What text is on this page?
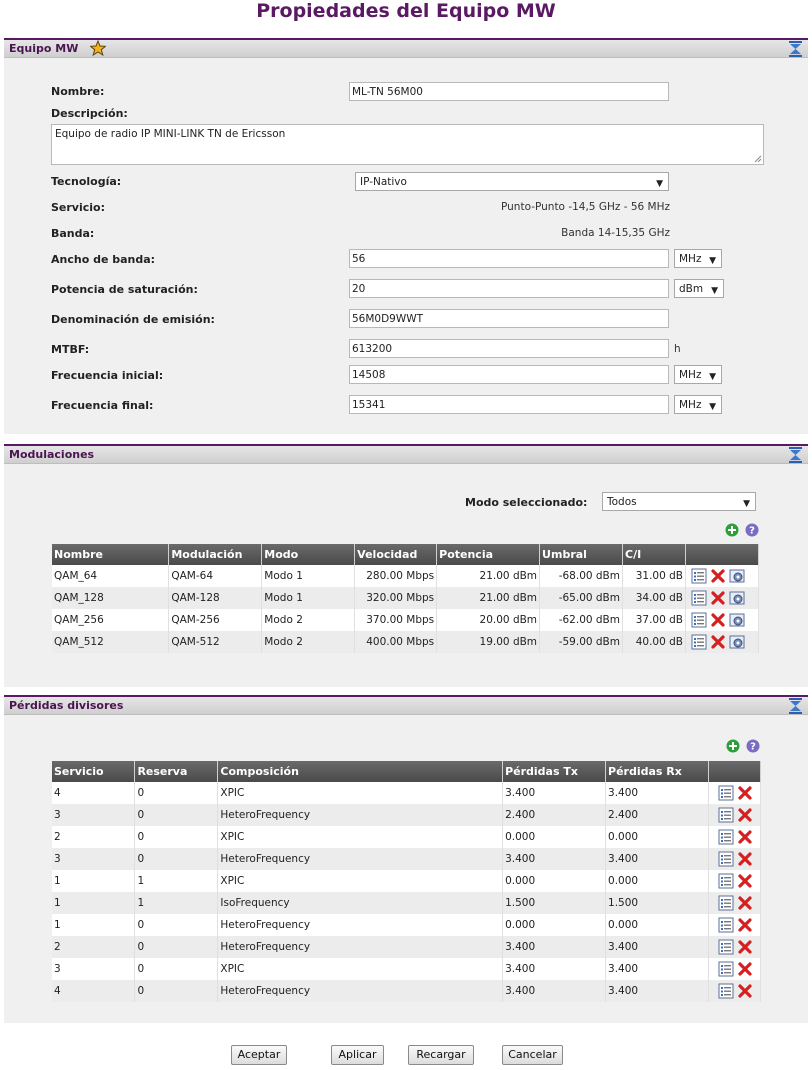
Propiedades del Equipo MW
Equipo MW
Nombre:	ML-TN 56M00
Descripción:
Equipo de radio IP MINI-LINK TN de Ericsson
Tecnología:	IP-Nativo	▼
Servicio:	Punto-Punto -14,5 GHz - 56 MHz
Banda:	Banda 14-15,35 GHz
Ancho de banda:	56	MHz ▼
Potencia de saturación:	20	dBm ▼
Denominación de emisión:	56M0D9WWT
MTBF:	613200	h
Frecuencia inicial:	14508	MHz ▼
Frecuencia final:	15341	MHz ▼
Modulaciones
Modo seleccionado:	Todos	▼
?
Nombre	Modulación	Modo	Velocidad	Potencia	Umbral	C/I	
QAM_64	QAM-64	Modo 1	280.00 Mbps	21.00 dBm	-68.00 dBm	31.00 dB	
QAM_128	QAM-128	Modo 1	320.00 Mbps	21.00 dBm	-65.00 dBm	34.00 dB	
QAM_256	QAM-256	Modo 2	370.00 Mbps	20.00 dBm	-62.00 dBm	37.00 dB	
QAM_512	QAM-512	Modo 2	400.00 Mbps	19.00 dBm	-59.00 dBm	40.00 dB	
Pérdidas divisores
?
Servicio	Reserva	Composición	Pérdidas Tx	Pérdidas Rx	
4	0	XPIC	3.400	3.400	
3	0	HeteroFrequency	2.400	2.400	
2	0	XPIC	0.000	0.000	
3	0	HeteroFrequency	3.400	3.400	
1	1	XPIC	0.000	0.000	
1	1	IsoFrequency	1.500	1.500	
1	0	HeteroFrequency	0.000	0.000	
2	0	HeteroFrequency	3.400	3.400	
3	0	XPIC	3.400	3.400	
4	0	HeteroFrequency	3.400	3.400	
Aceptar	Aplicar	Recargar	Cancelar
